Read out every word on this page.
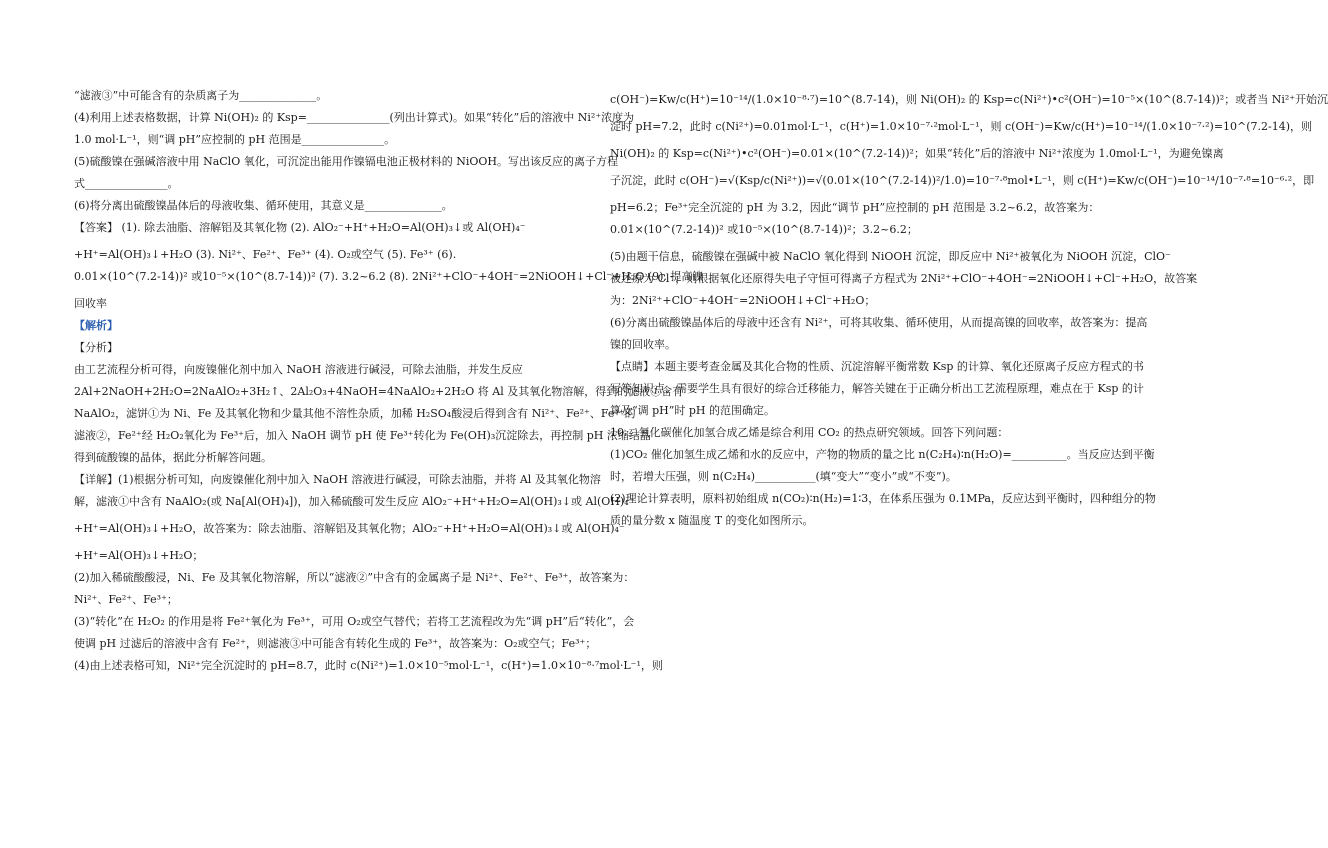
“滤液③”中可能含有的杂质离子为______________。
(4)利用上述表格数据，计算 Ni(OH)₂ 的 Ksp=_______________(列出计算式)。如果“转化”后的溶液中 Ni²⁺浓度为
1.0 mol·L⁻¹，则“调 pH”应控制的 pH 范围是_______________。
(5)硫酸镍在强碱溶液中用 NaClO 氧化，可沉淀出能用作镍镉电池正极材料的 NiOOH。写出该反应的离子方程
式_______________。
(6)将分离出硫酸镍晶体后的母液收集、循环使用，其意义是______________。
【答案】 (1). 除去油脂、溶解铝及其氧化物 (2). AlO₂⁻+H⁺+H₂O=Al(OH)₃↓或 Al(OH)₄⁻
+H⁺=Al(OH)₃↓+H₂O (3). Ni²⁺、Fe²⁺、Fe³⁺ (4). O₂或空气 (5). Fe³⁺ (6).
0.01×(10^(7.2-14))² 或10⁻⁵×(10^(8.7-14))² (7). 3.2~6.2 (8). 2Ni²⁺+ClO⁻+4OH⁻=2NiOOH↓+Cl⁻+H₂O (9). 提高镍
回收率
【解析】
【分析】
由工艺流程分析可得，向废镍催化剂中加入 NaOH 溶液进行碱浸，可除去油脂，并发生反应
2Al+2NaOH+2H₂O=2NaAlO₂+3H₂↑、2Al₂O₃+4NaOH=4NaAlO₂+2H₂O 将 Al 及其氧化物溶解，得到的滤液①含有
NaAlO₂，滤饼①为 Ni、Fe 及其氧化物和少量其他不溶性杂质，加稀 H₂SO₄酸浸后得到含有 Ni²⁺、Fe²⁺、Fe³⁺的
滤液②，Fe²⁺经 H₂O₂氧化为 Fe³⁺后，加入 NaOH 调节 pH 使 Fe³⁺转化为 Fe(OH)₃沉淀除去，再控制 pH 浓缩结晶
得到硫酸镍的晶体，据此分析解答问题。
【详解】(1)根据分析可知，向废镍催化剂中加入 NaOH 溶液进行碱浸，可除去油脂，并将 Al 及其氧化物溶
解，滤液①中含有 NaAlO₂(或 Na[Al(OH)₄])，加入稀硫酸可发生反应 AlO₂⁻+H⁺+H₂O=Al(OH)₃↓或 Al(OH)₄⁻
+H⁺=Al(OH)₃↓+H₂O，故答案为：除去油脂、溶解铝及其氧化物；AlO₂⁻+H⁺+H₂O=Al(OH)₃↓或 Al(OH)₄⁻
+H⁺=Al(OH)₃↓+H₂O；
(2)加入稀硫酸酸浸，Ni、Fe 及其氧化物溶解，所以“滤液②”中含有的金属离子是 Ni²⁺、Fe²⁺、Fe³⁺，故答案为：
Ni²⁺、Fe²⁺、Fe³⁺；
(3)“转化”在 H₂O₂ 的作用是将 Fe²⁺氧化为 Fe³⁺，可用 O₂或空气替代；若将工艺流程改为先“调 pH”后“转化”，会
使调 pH 过滤后的溶液中含有 Fe²⁺，则滤液③中可能含有转化生成的 Fe³⁺，故答案为：O₂或空气；Fe³⁺；
(4)由上述表格可知，Ni²⁺完全沉淀时的 pH=8.7，此时 c(Ni²⁺)=1.0×10⁻⁵mol·L⁻¹，c(H⁺)=1.0×10⁻⁸·⁷mol·L⁻¹，则
c(OH⁻)=Kw/c(H⁺)=10⁻¹⁴/(1.0×10⁻⁸·⁷)=10^(8.7-14)，则 Ni(OH)₂ 的 Ksp=c(Ni²⁺)•c²(OH⁻)=10⁻⁵×(10^(8.7-14))²；或者当 Ni²⁺开始沉
淀时 pH=7.2，此时 c(Ni²⁺)=0.01mol·L⁻¹，c(H⁺)=1.0×10⁻⁷·²mol·L⁻¹，则 c(OH⁻)=Kw/c(H⁺)=10⁻¹⁴/(1.0×10⁻⁷·²)=10^(7.2-14)，则
Ni(OH)₂ 的 Ksp=c(Ni²⁺)•c²(OH⁻)=0.01×(10^(7.2-14))²；如果“转化”后的溶液中 Ni²⁺浓度为 1.0mol·L⁻¹，为避免镍离
子沉淀，此时 c(OH⁻)=√(Ksp/c(Ni²⁺))=√(0.01×(10^(7.2-14))²/1.0)=10⁻⁷·⁸mol•L⁻¹，则 c(H⁺)=Kw/c(OH⁻)=10⁻¹⁴/10⁻⁷·⁸=10⁻⁶·²，即
pH=6.2；Fe³⁺完全沉淀的 pH 为 3.2，因此“调节 pH”应控制的 pH 范围是 3.2~6.2，故答案为：
0.01×(10^(7.2-14))² 或10⁻⁵×(10^(8.7-14))²；3.2~6.2；
(5)由题干信息，硫酸镍在强碱中被 NaClO 氧化得到 NiOOH 沉淀，即反应中 Ni²⁺被氧化为 NiOOH 沉淀，ClO⁻
被还原为 Cl⁻，则根据氧化还原得失电子守恒可得离子方程式为 2Ni²⁺+ClO⁻+4OH⁻=2NiOOH↓+Cl⁻+H₂O，故答案
为：2Ni²⁺+ClO⁻+4OH⁻=2NiOOH↓+Cl⁻+H₂O；
(6)分离出硫酸镍晶体后的母液中还含有 Ni²⁺，可将其收集、循环使用，从而提高镍的回收率，故答案为：提高
镍的回收率。
【点睛】本题主要考查金属及其化合物的性质、沉淀溶解平衡常数 Ksp 的计算、氧化还原离子反应方程式的书
写等知识点，需要学生具有很好的综合迁移能力，解答关键在于正确分析出工艺流程原理，难点在于 Ksp 的计
算及“调 pH”时 pH 的范围确定。
10.二氧化碳催化加氢合成乙烯是综合利用 CO₂ 的热点研究领域。回答下列问题：
(1)CO₂ 催化加氢生成乙烯和水的反应中，产物的物质的量之比 n(C₂H₄)∶n(H₂O)=__________。当反应达到平衡
时，若增大压强，则 n(C₂H₄)___________(填“变大”“变小”或“不变”)。
(2)理论计算表明，原料初始组成 n(CO₂)∶n(H₂)=1∶3，在体系压强为 0.1MPa，反应达到平衡时，四种组分的物
质的量分数 x 随温度 T 的变化如图所示。
